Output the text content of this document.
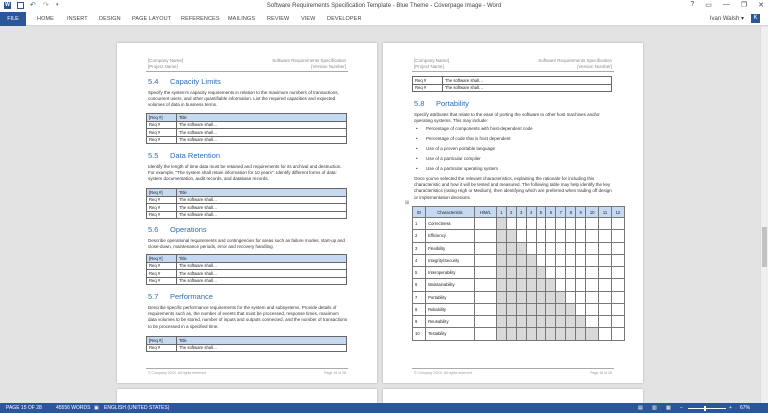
W	↶ ↷ ▾	Software Requirements Specification Template - Blue Theme - Coverpage Image - Word	? ▭ — ❐ ✕
FILE	HOME INSERT DESIGN PAGE LAYOUT REFERENCES MAILINGS REVIEW VIEW DEVELOPER	Ivan Walsh ▾	K
[Company Name]
[Project Name]
Software Requirements Specification
[Version Number]
5.4 Capacity Limits
Specify the system's capacity requirements in relation to the maximum numbers of transactions, concurrent users, and other quantifiable information. List the required capacities and expected volumes of data in business terms.
[Req #]	Title
Req #	The software shall…
Req #	The software shall…
Req #	The software shall…
5.5 Data Retention
Identify the length of time data must be retained and requirements for its archival and destruction. For example, "The system shall retain information for 10 years". Identify different forms of data: system documentation, audit records, and database records.
[Req #]	Title
Req #	The software shall…
Req #	The software shall…
Req #	The software shall…
5.6 Operations
Describe operational requirements and contingencies for areas such as failure modes, start-up and close-down, maintenance periods, error and recovery handling.
[Req #]	Title
Req #	The software shall…
Req #	The software shall…
Req #	The software shall…
5.7 Performance
Describe specific performance requirements for the system and subsystems. Provide details of requirements such as, the number of events that must be processed, response times, maximum data volumes to be stored, number of inputs and outputs connected, and the number of transactions to be processed in a specified time.
[Req #]	Title
Req #	The software shall…
© Company 20XX. All rights reserved.	Page 15 of 28
[Company Name]
[Project Name]
Software Requirements Specification
[Version Number]
Req #	The software shall…
Req #	The software shall…
5.8 Portability
Specify attributes that relate to the ease of porting the software to other host machines and/or operating systems. This may include:
• Percentage of components with host-dependent code
• Percentage of code that is host dependent
• Use of a proven portable language
• Use of a particular compiler
• Use of a particular operating system
Once you've selected the relevant characteristics, explaining the rationale for including this characteristic and how it will be tested and measured. The following table may help identify the key characteristics (rating High or Medium), then identifying which are preferred when trading off design or implementation decisions.
⊞
ID	Characteristic	H/M/L	1	2	3	4	5	6	7	8	9	10	11	12
1	Correctness													
2	Efficiency													
3	Flexibility													
4	Integrity/Security													
5	Interoperability													
6	Maintainability													
7	Portability													
8	Reliability													
9	Reusability													
10	Testability													
© Company 20XX. All rights reserved.	Page 16 of 28
PAGE 15 OF 28	45556 WORDS ▣ ENGLISH (UNITED STATES)	▤ ▥ ▦ −	+ 67%
